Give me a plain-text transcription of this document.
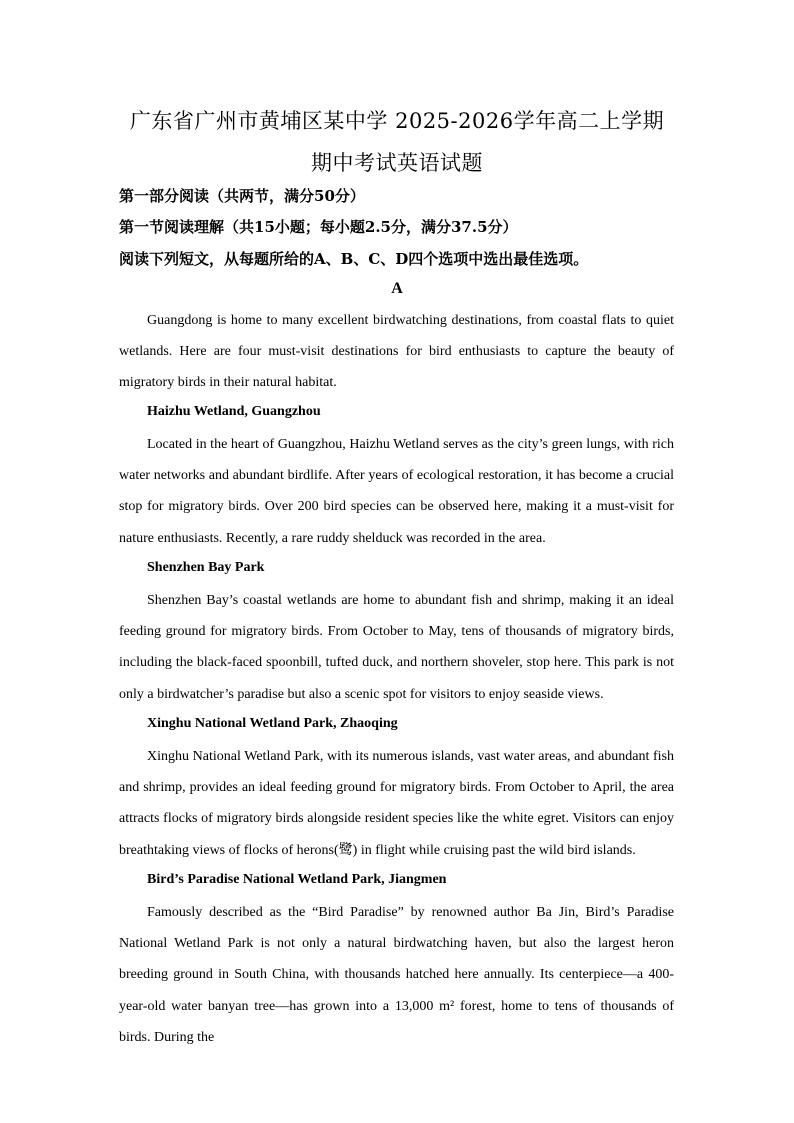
广东省广州市黄埔区某中学 2025-2026学年高二上学期
期中考试英语试题
第一部分阅读（共两节，满分50分）
第一节阅读理解（共15小题；每小题2.5分，满分37.5分）
阅读下列短文，从每题所给的A、B、C、D四个选项中选出最佳选项。
A

Guangdong is home to many excellent birdwatching destinations, from coastal flats to quiet wetlands. Here are four must-visit destinations for bird enthusiasts to capture the beauty of migratory birds in their natural habitat.

Haizhu Wetland, Guangzhou

Located in the heart of Guangzhou, Haizhu Wetland serves as the city’s green lungs, with rich water networks and abundant birdlife. After years of ecological restoration, it has become a crucial stop for migratory birds. Over 200 bird species can be observed here, making it a must-visit for nature enthusiasts. Recently, a rare ruddy shelduck was recorded in the area.

Shenzhen Bay Park

Shenzhen Bay’s coastal wetlands are home to abundant fish and shrimp, making it an ideal feeding ground for migratory birds. From October to May, tens of thousands of migratory birds, including the black-faced spoonbill, tufted duck, and northern shoveler, stop here. This park is not only a birdwatcher’s paradise but also a scenic spot for visitors to enjoy seaside views.

Xinghu National Wetland Park, Zhaoqing

Xinghu National Wetland Park, with its numerous islands, vast water areas, and abundant fish and shrimp, provides an ideal feeding ground for migratory birds. From October to April, the area attracts flocks of migratory birds alongside resident species like the white egret. Visitors can enjoy breathtaking views of flocks of herons(鹭) in flight while cruising past the wild bird islands.

Bird’s Paradise National Wetland Park, Jiangmen

Famously described as the “Bird Paradise” by renowned author Ba Jin, Bird’s Paradise National Wetland Park is not only a natural birdwatching haven, but also the largest heron breeding ground in South China, with thousands hatched here annually. Its centerpiece—a 400-year-old water banyan tree—has grown into a 13,000 m² forest, home to tens of thousands of birds. During the
